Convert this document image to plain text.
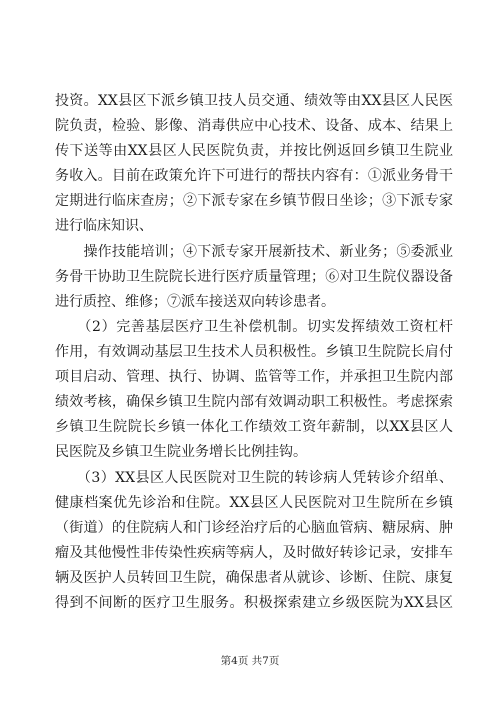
投资。XX县区下派乡镇卫技人员交通、绩效等由XX县区人民医
院负责，检验、影像、消毒供应中心技术、设备、成本、结果上
传下送等由XX县区人民医院负责，并按比例返回乡镇卫生院业
务收入。目前在政策允许下可进行的帮扶内容有：①派业务骨干
定期进行临床查房；②下派专家在乡镇节假日坐诊；③下派专家
进行临床知识、
　　操作技能培训；④下派专家开展新技术、新业务；⑤委派业
务骨干协助卫生院院长进行医疗质量管理；⑥对卫生院仪器设备
进行质控、维修；⑦派车接送双向转诊患者。
　　（2）完善基层医疗卫生补偿机制。切实发挥绩效工资杠杆
作用，有效调动基层卫生技术人员积极性。乡镇卫生院院长肩付
项目启动、管理、执行、协调、监管等工作，并承担卫生院内部
绩效考核，确保乡镇卫生院内部有效调动职工积极性。考虑探索
乡镇卫生院院长乡镇一体化工作绩效工资年薪制，以XX县区人
民医院及乡镇卫生院业务增长比例挂钩。
　　（3）XX县区人民医院对卫生院的转诊病人凭转诊介绍单、
健康档案优先诊治和住院。XX县区人民医院对卫生院所在乡镇
（街道）的住院病人和门诊经治疗后的心脑血管病、糖尿病、肿
瘤及其他慢性非传染性疾病等病人，及时做好转诊记录，安排车
辆及医护人员转回卫生院，确保患者从就诊、诊断、住院、康复
得到不间断的医疗卫生服务。积极探索建立乡级医院为XX县区
第4页 共7页
